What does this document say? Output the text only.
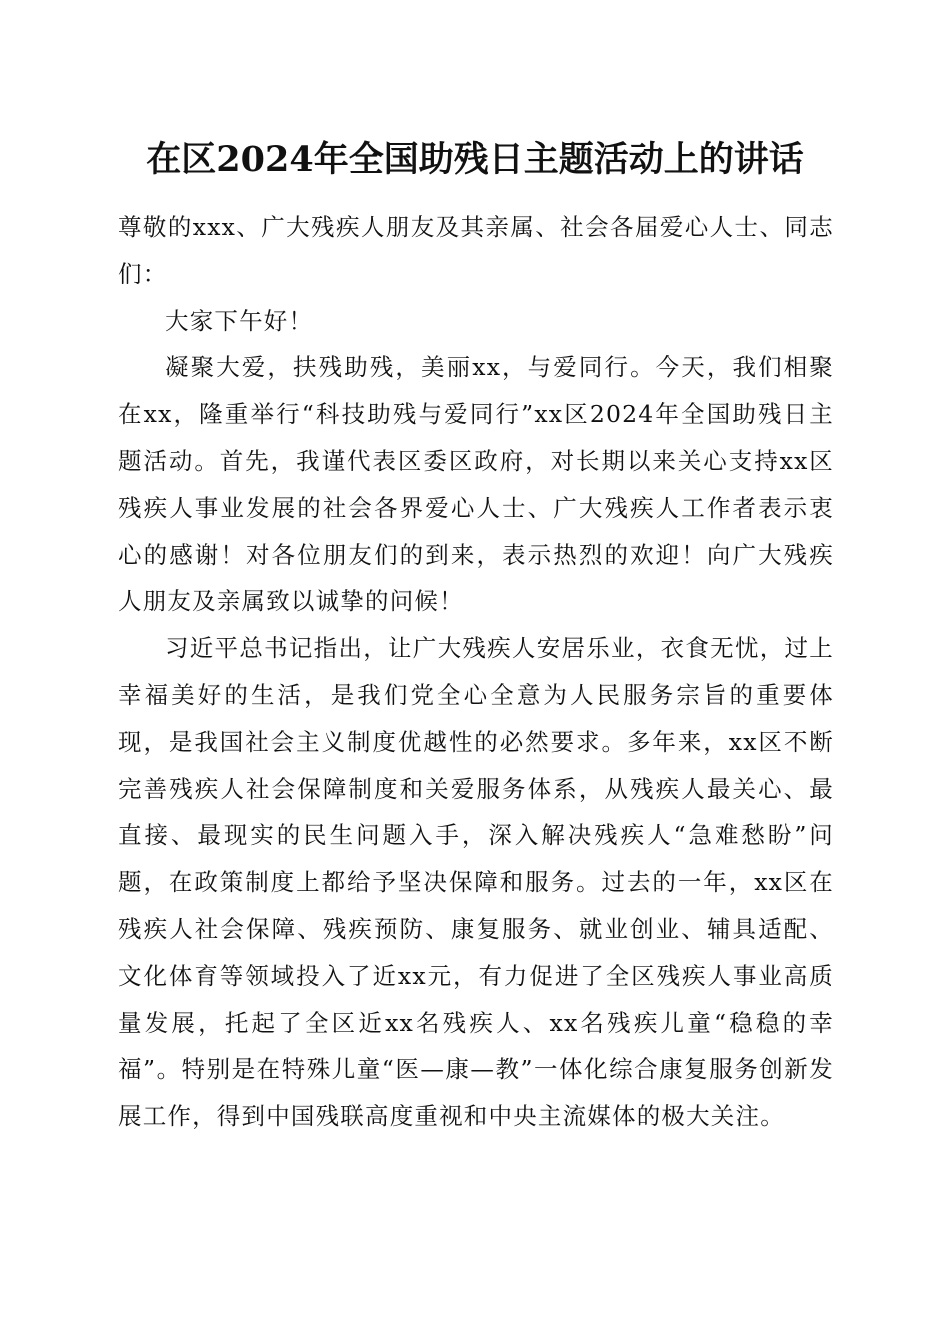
在区2024年全国助残日主题活动上的讲话

尊敬的xxx、广大残疾人朋友及其亲属、社会各届爱心人士、同志们：

大家下午好！

凝聚大爱，扶残助残，美丽xx，与爱同行。今天，我们相聚在xx，隆重举行“科技助残与爱同行”xx区2024年全国助残日主题活动。首先，我谨代表区委区政府，对长期以来关心支持xx区残疾人事业发展的社会各界爱心人士、广大残疾人工作者表示衷心的感谢！对各位朋友们的到来，表示热烈的欢迎！向广大残疾人朋友及亲属致以诚挚的问候！

习近平总书记指出，让广大残疾人安居乐业，衣食无忧，过上幸福美好的生活，是我们党全心全意为人民服务宗旨的重要体现，是我国社会主义制度优越性的必然要求。多年来，xx区不断完善残疾人社会保障制度和关爱服务体系，从残疾人最关心、最直接、最现实的民生问题入手，深入解决残疾人“急难愁盼”问题，在政策制度上都给予坚决保障和服务。过去的一年，xx区在残疾人社会保障、残疾预防、康复服务、就业创业、辅具适配、文化体育等领域投入了近xx元，有力促进了全区残疾人事业高质量发展，托起了全区近xx名残疾人、xx名残疾儿童“稳稳的幸福”。特别是在特殊儿童“医—康—教”一体化综合康复服务创新发展工作，得到中国残联高度重视和中央主流媒体的极大关注。
